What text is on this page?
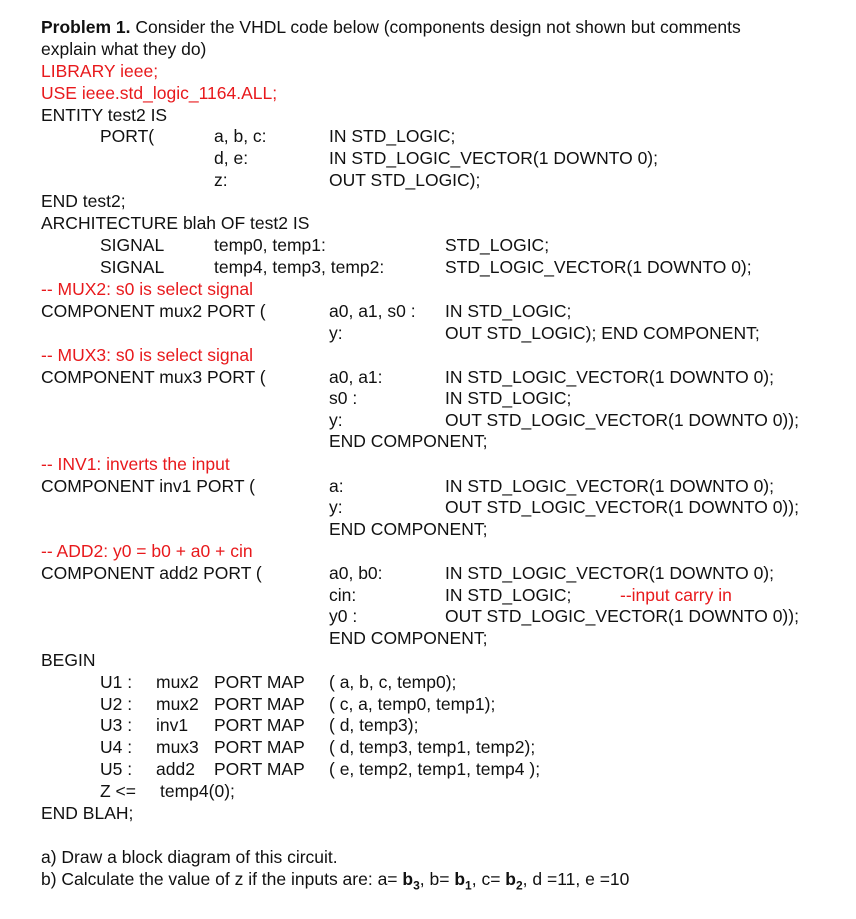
Problem 1. Consider the VHDL code below (components design not shown but comments
explain what they do)
LIBRARY ieee;
USE ieee.std_logic_1164.ALL;
ENTITY test2 IS
PORT(	a, b, c:	IN STD_LOGIC;
d, e:	IN STD_LOGIC_VECTOR(1 DOWNTO 0);
z:	OUT STD_LOGIC);
END test2;
ARCHITECTURE blah OF test2 IS
SIGNAL	temp0, temp1:	STD_LOGIC;
SIGNAL	temp4, temp3, temp2:	STD_LOGIC_VECTOR(1 DOWNTO 0);
-- MUX2: s0 is select signal
COMPONENT mux2 PORT (	a0, a1, s0 : IN STD_LOGIC;
y:	OUT STD_LOGIC); END COMPONENT;
-- MUX3: s0 is select signal
COMPONENT mux3 PORT (	a0, a1:	IN STD_LOGIC_VECTOR(1 DOWNTO 0);
s0 :	IN STD_LOGIC;
y:	OUT STD_LOGIC_VECTOR(1 DOWNTO 0));
END COMPONENT;
-- INV1: inverts the input
COMPONENT inv1 PORT (	a:	IN STD_LOGIC_VECTOR(1 DOWNTO 0);
y:	OUT STD_LOGIC_VECTOR(1 DOWNTO 0));
END COMPONENT;
-- ADD2: y0 = b0 + a0 + cin
COMPONENT add2 PORT (	a0, b0:	IN STD_LOGIC_VECTOR(1 DOWNTO 0);
cin:	IN STD_LOGIC;	--input carry in
y0 :	OUT STD_LOGIC_VECTOR(1 DOWNTO 0));
END COMPONENT;
BEGIN
U1 : mux2 PORT MAP ( a, b, c, temp0);
U2 : mux2 PORT MAP ( c, a, temp0, temp1);
U3 : inv1 PORT MAP ( d, temp3);
U4 : mux3 PORT MAP ( d, temp3, temp1, temp2);
U5 : add2 PORT MAP ( e, temp2, temp1, temp4 );
Z <= temp4(0);
END BLAH;
a) Draw a block diagram of this circuit.
b) Calculate the value of z if the inputs are: $a= b_3$, $b= b_1$, $c= b_2$, d =11, e =10
